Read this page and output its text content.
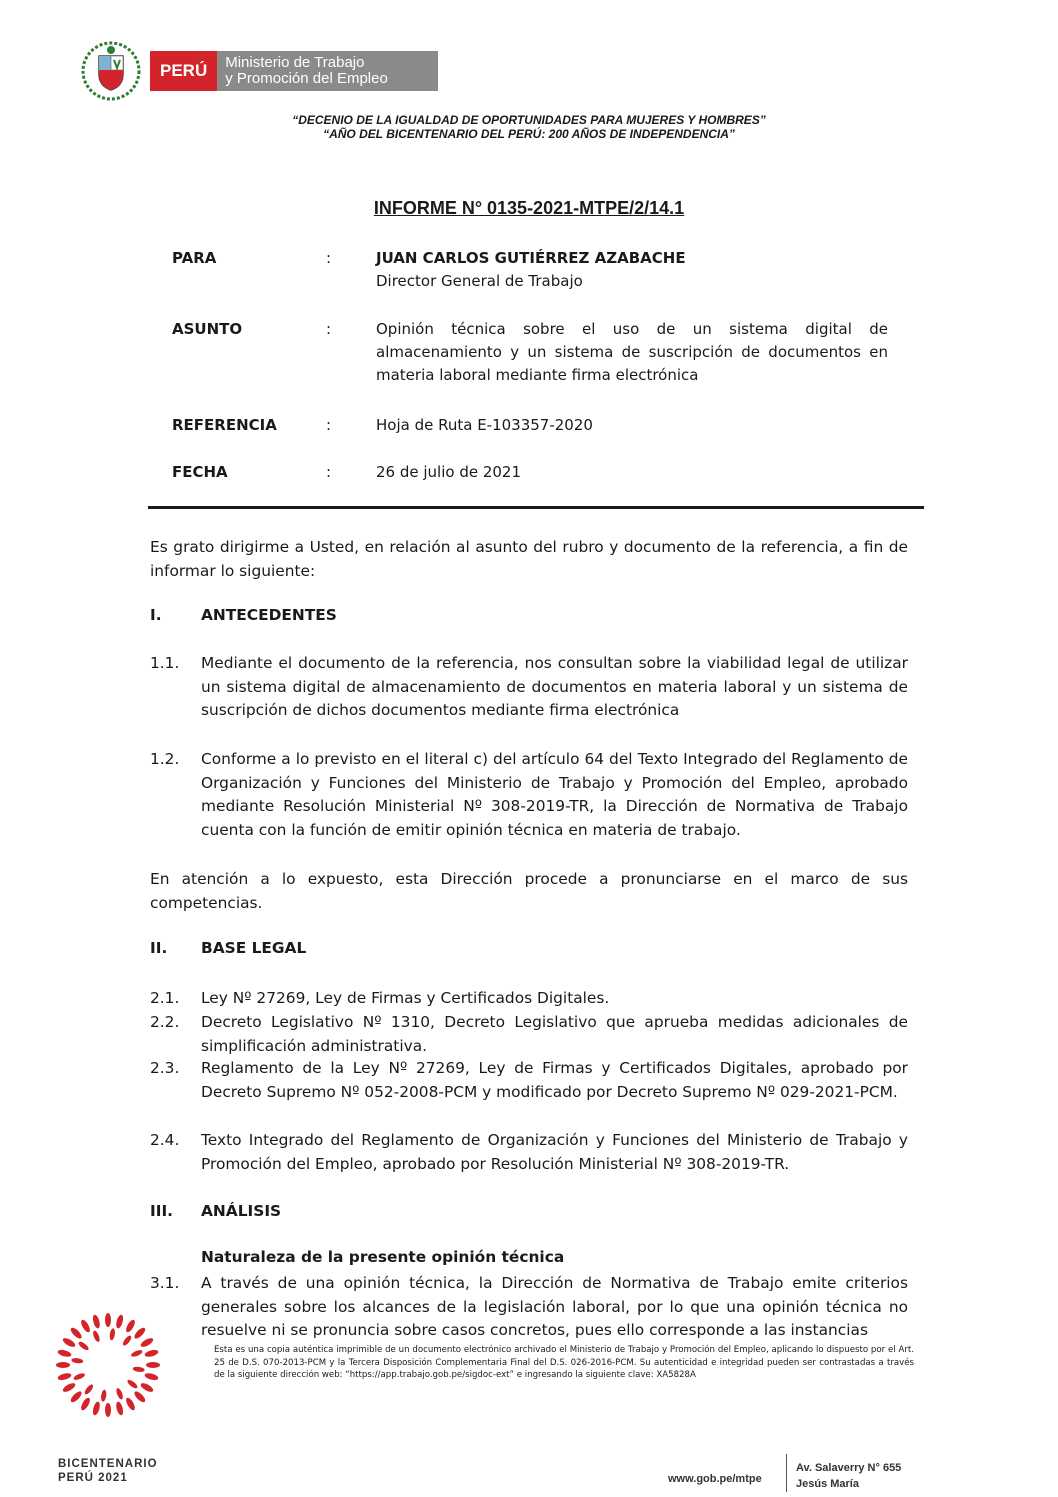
PERÚ	Ministerio de Trabajo
y Promoción del Empleo
“DECENIO DE LA IGUALDAD DE OPORTUNIDADES PARA MUJERES Y HOMBRES”
“AÑO DEL BICENTENARIO DEL PERÚ: 200 AÑOS DE INDEPENDENCIA”
INFORME N° 0135-2021-MTPE/2/14.1
PARA	:	JUAN CARLOS GUTIÉRREZ AZABACHE
Director General de Trabajo
ASUNTO	:	Opinión técnica sobre el uso de un sistema digital de almacenamiento y un sistema de suscripción de documentos en materia laboral mediante firma electrónica
REFERENCIA	:	Hoja de Ruta E-103357-2020
FECHA	:	26 de julio de 2021
Es grato dirigirme a Usted, en relación al asunto del rubro y documento de la referencia, a fin de informar lo siguiente:
I.	ANTECEDENTES
1.1. Mediante el documento de la referencia, nos consultan sobre la viabilidad legal de utilizar un sistema digital de almacenamiento de documentos en materia laboral y un sistema de suscripción de dichos documentos mediante firma electrónica
1.2. Conforme a lo previsto en el literal c) del artículo 64 del Texto Integrado del Reglamento de Organización y Funciones del Ministerio de Trabajo y Promoción del Empleo, aprobado mediante Resolución Ministerial Nº 308-2019-TR, la Dirección de Normativa de Trabajo cuenta con la función de emitir opinión técnica en materia de trabajo.
En atención a lo expuesto, esta Dirección procede a pronunciarse en el marco de sus competencias.
II. BASE LEGAL
2.1. Ley Nº 27269, Ley de Firmas y Certificados Digitales.
2.2. Decreto Legislativo Nº 1310, Decreto Legislativo que aprueba medidas adicionales de simplificación administrativa.
2.3. Reglamento de la Ley Nº 27269, Ley de Firmas y Certificados Digitales, aprobado por Decreto Supremo Nº 052-2008-PCM y modificado por Decreto Supremo Nº 029-2021-PCM.
2.4. Texto Integrado del Reglamento de Organización y Funciones del Ministerio de Trabajo y Promoción del Empleo, aprobado por Resolución Ministerial Nº 308-2019-TR.
III. ANÁLISIS
Naturaleza de la presente opinión técnica
3.1. A través de una opinión técnica, la Dirección de Normativa de Trabajo emite criterios generales sobre los alcances de la legislación laboral, por lo que una opinión técnica no resuelve ni se pronuncia sobre casos concretos, pues ello corresponde a las instancias
Esta es una copia auténtica imprimible de un documento electrónico archivado el Ministerio de Trabajo y Promoción del Empleo, aplicando lo dispuesto por el Art. 25 de D.S. 070-2013-PCM y la Tercera Disposición Complementaria Final del D.S. 026-2016-PCM. Su autenticidad e integridad pueden ser contrastadas a través de la siguiente dirección web: “https://app.trabajo.gob.pe/sigdoc-ext” e ingresando la siguiente clave: XA5828A
BICENTENARIO
PERÚ 2021	www.gob.pe/mtpe
Av. Salaverry N° 655
Jesús María
